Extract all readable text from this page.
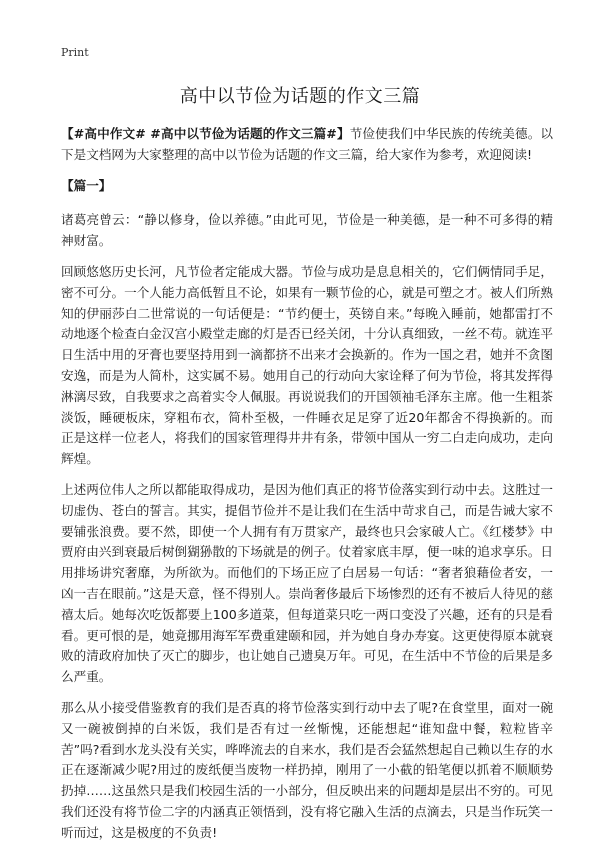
Print
高中以节俭为话题的作文三篇

【#高中作文# #高中以节俭为话题的作文三篇#】节俭使我们中华民族的传统美德。以下是文档网为大家整理的高中以节俭为话题的作文三篇，给大家作为参考，欢迎阅读!

【篇一】

诸葛亮曾云：“静以修身，俭以养德。”由此可见，节俭是一种美德，是一种不可多得的精神财富。

回顾悠悠历史长河，凡节俭者定能成大器。节俭与成功是息息相关的，它们俩情同手足，密不可分。一个人能力高低暂且不论，如果有一颗节俭的心，就是可塑之才。被人们所熟知的伊丽莎白二世常说的一句话便是：“节约便士，英镑自来。”每晚入睡前，她都雷打不动地逐个检查白金汉宫小殿堂走廊的灯是否已经关闭，十分认真细致，一丝不苟。就连平日生活中用的牙膏也要坚持用到一滴都挤不出来才会换新的。作为一国之君，她并不贪图安逸，而是为人简朴，这实属不易。她用自己的行动向大家诠释了何为节俭，将其发挥得淋漓尽致，自我要求之高着实令人佩服。再说说我们的开国领袖毛泽东主席。他一生粗茶淡饭，睡硬板床，穿粗布衣，简朴至极，一件睡衣足足穿了近20年都舍不得换新的。而正是这样一位老人，将我们的国家管理得井井有条，带领中国从一穷二白走向成功，走向辉煌。

上述两位伟人之所以都能取得成功，是因为他们真正的将节俭落实到行动中去。这胜过一切虚伪、苍白的誓言。其实，提倡节俭并不是让我们在生活中苛求自己，而是告诫大家不要铺张浪费。要不然，即使一个人拥有有万贯家产，最终也只会家破人亡。《红楼梦》中贾府由兴到衰最后树倒猢狲散的下场就是的例子。仗着家底丰厚，便一味的追求享乐。日用排场讲究奢靡，为所欲为。而他们的下场正应了白居易一句话：“奢者狼藉俭者安，一凶一吉在眼前。”这是天意，怪不得别人。崇尚奢侈最后下场惨烈的还有不被后人待见的慈禧太后。她每次吃饭都要上100多道菜，但每道菜只吃一两口变没了兴趣，还有的只是看看。更可恨的是，她竟挪用海军军费重建颐和园，并为她自身办寿宴。这更使得原本就衰败的清政府加快了灭亡的脚步，也让她自己遗臭万年。可见，在生活中不节俭的后果是多么严重。

那么从小接受借鉴教育的我们是否真的将节俭落实到行动中去了呢?在食堂里，面对一碗又一碗被倒掉的白米饭，我们是否有过一丝惭愧，还能想起“谁知盘中餐，粒粒皆辛苦”吗?看到水龙头没有关实，哗哗流去的自来水，我们是否会猛然想起自己赖以生存的水正在逐渐减少呢?用过的废纸便当废物一样扔掉，刚用了一小截的铅笔便以抓着不顺顺势扔掉……这虽然只是我们校园生活的一小部分，但反映出来的问题却是层出不穷的。可见我们还没有将节俭二字的内涵真正领悟到，没有将它融入生活的点滴去，只是当作玩笑一听而过，这是极度的不负责!
